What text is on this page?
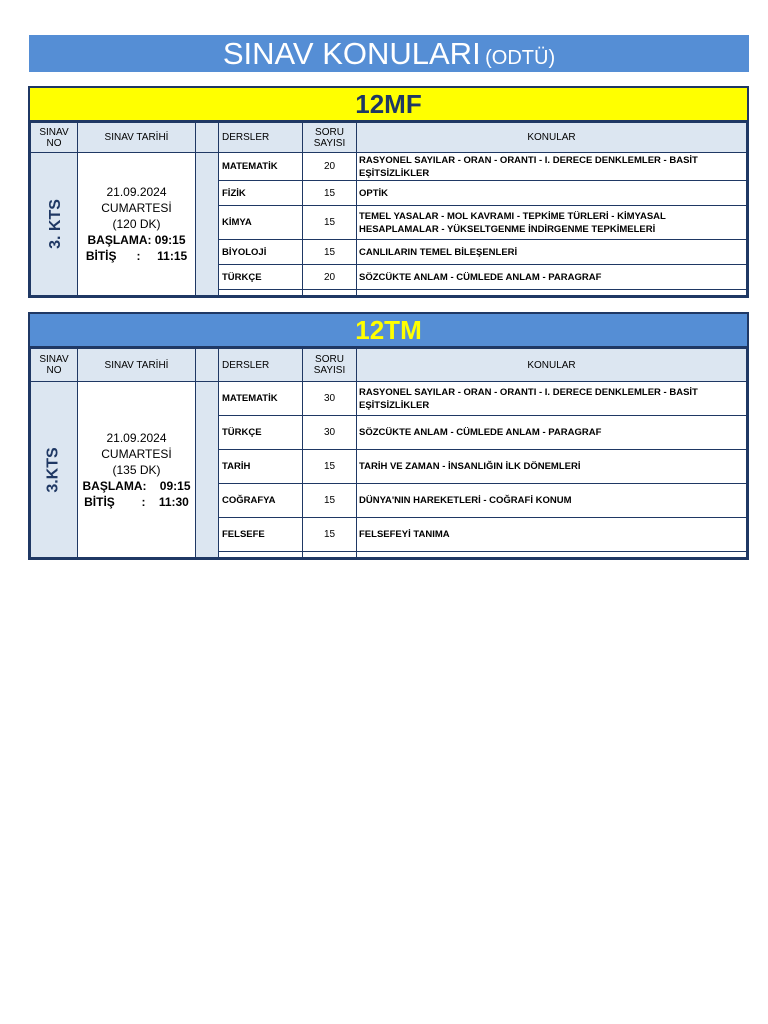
SINAV KONULARI (ODTÜ)
12MF
SINAV NO	SINAV TARİHİ		DERSLER	SORU SAYISI	KONULAR
3. KTS	21.09.2024
CUMARTESİ
(120 DK)
BAŞLAMA: 09:15
BİTİŞ      :     11:15		MATEMATİK	20	RASYONEL SAYILAR - ORAN - ORANTI - I. DERECE DENKLEMLER - BASİT EŞİTSİZLİKLER
			FİZİK	15	OPTİK
			KİMYA	15	TEMEL YASALAR - MOL KAVRAMI - TEPKİME TÜRLERİ - KİMYASAL HESAPLAMALAR - YÜKSELTGENME İNDİRGENME TEPKİMELERİ
			BİYOLOJİ	15	CANLILARIN TEMEL BİLEŞENLERİ
			TÜRKÇE	20	SÖZCÜKTE ANLAM - CÜMLEDE ANLAM - PARAGRAF

12TM
SINAV NO	SINAV TARİHİ		DERSLER	SORU SAYISI	KONULAR
3.KTS	21.09.2024
CUMARTESİ
(135 DK)
BAŞLAMA:    09:15
BİTİŞ        :    11:30		MATEMATİK	30	RASYONEL SAYILAR - ORAN - ORANTI - I. DERECE DENKLEMLER - BASİT EŞİTSİZLİKLER
			TÜRKÇE	30	SÖZCÜKTE ANLAM - CÜMLEDE ANLAM - PARAGRAF
			TARİH	15	TARİH VE ZAMAN - İNSANLIĞIN İLK DÖNEMLERİ
			COĞRAFYA	15	DÜNYA'NIN HAREKETLERİ - COĞRAFİ KONUM
			FELSEFE	15	FELSEFEYİ TANIMA
